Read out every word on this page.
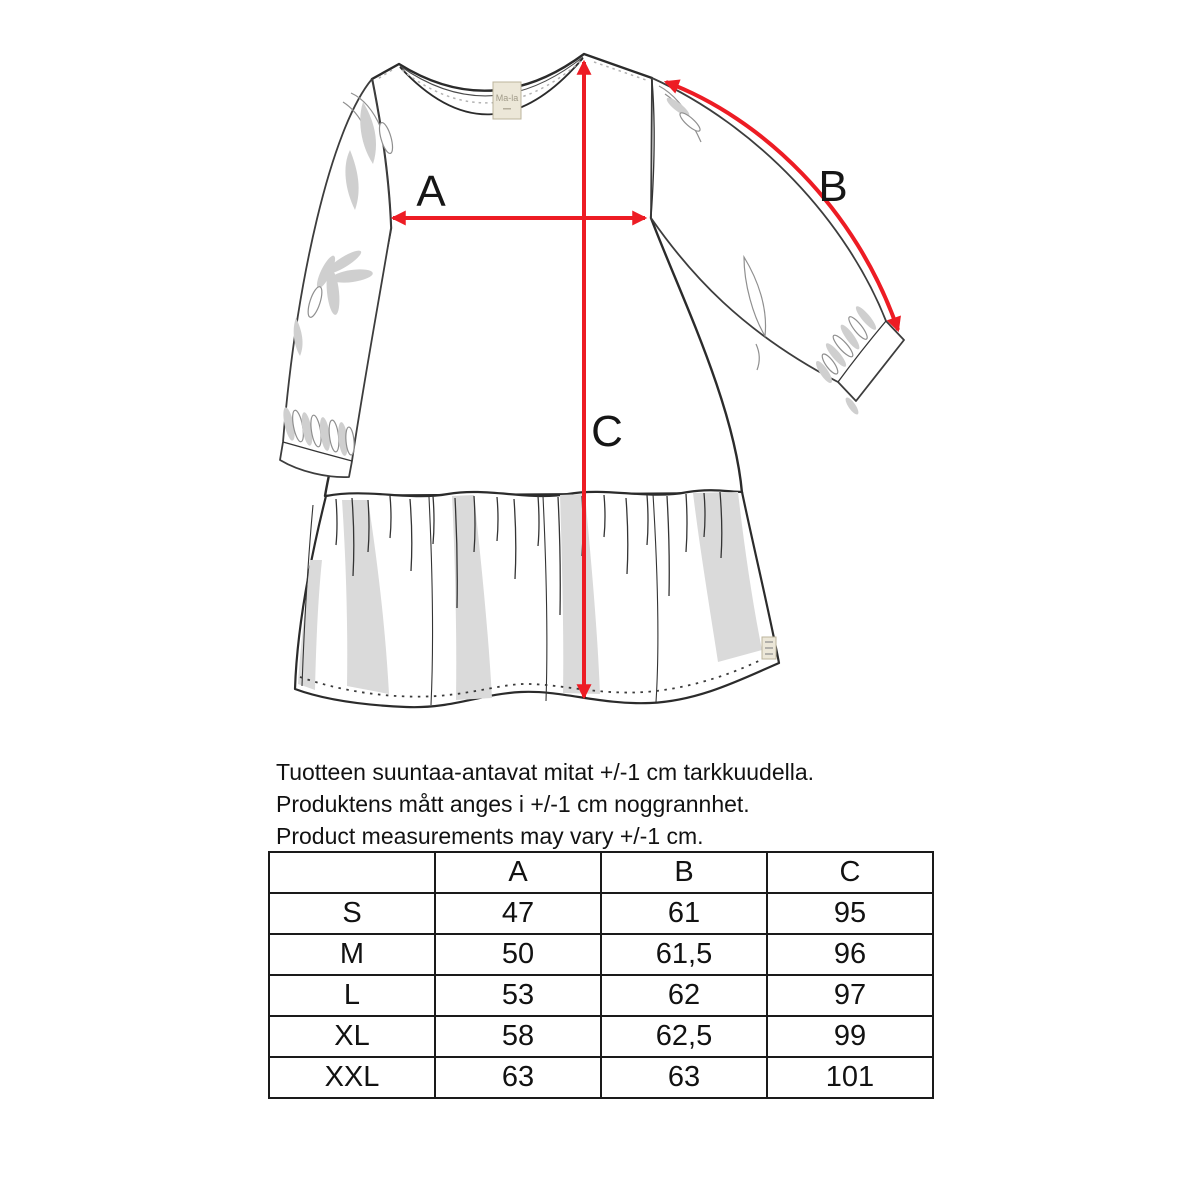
Ma-la
A	B
C

Tuotteen suuntaa-antavat mitat +/-1 cm tarkkuudella.

Produktens mått anges i +/-1 cm noggrannhet.

Product measurements may vary +/-1 cm.

	A	B	C
S	47	61	95
M	50	61,5	96
L	53	62	97
XL	58	62,5	99
XXL	63	63	101
